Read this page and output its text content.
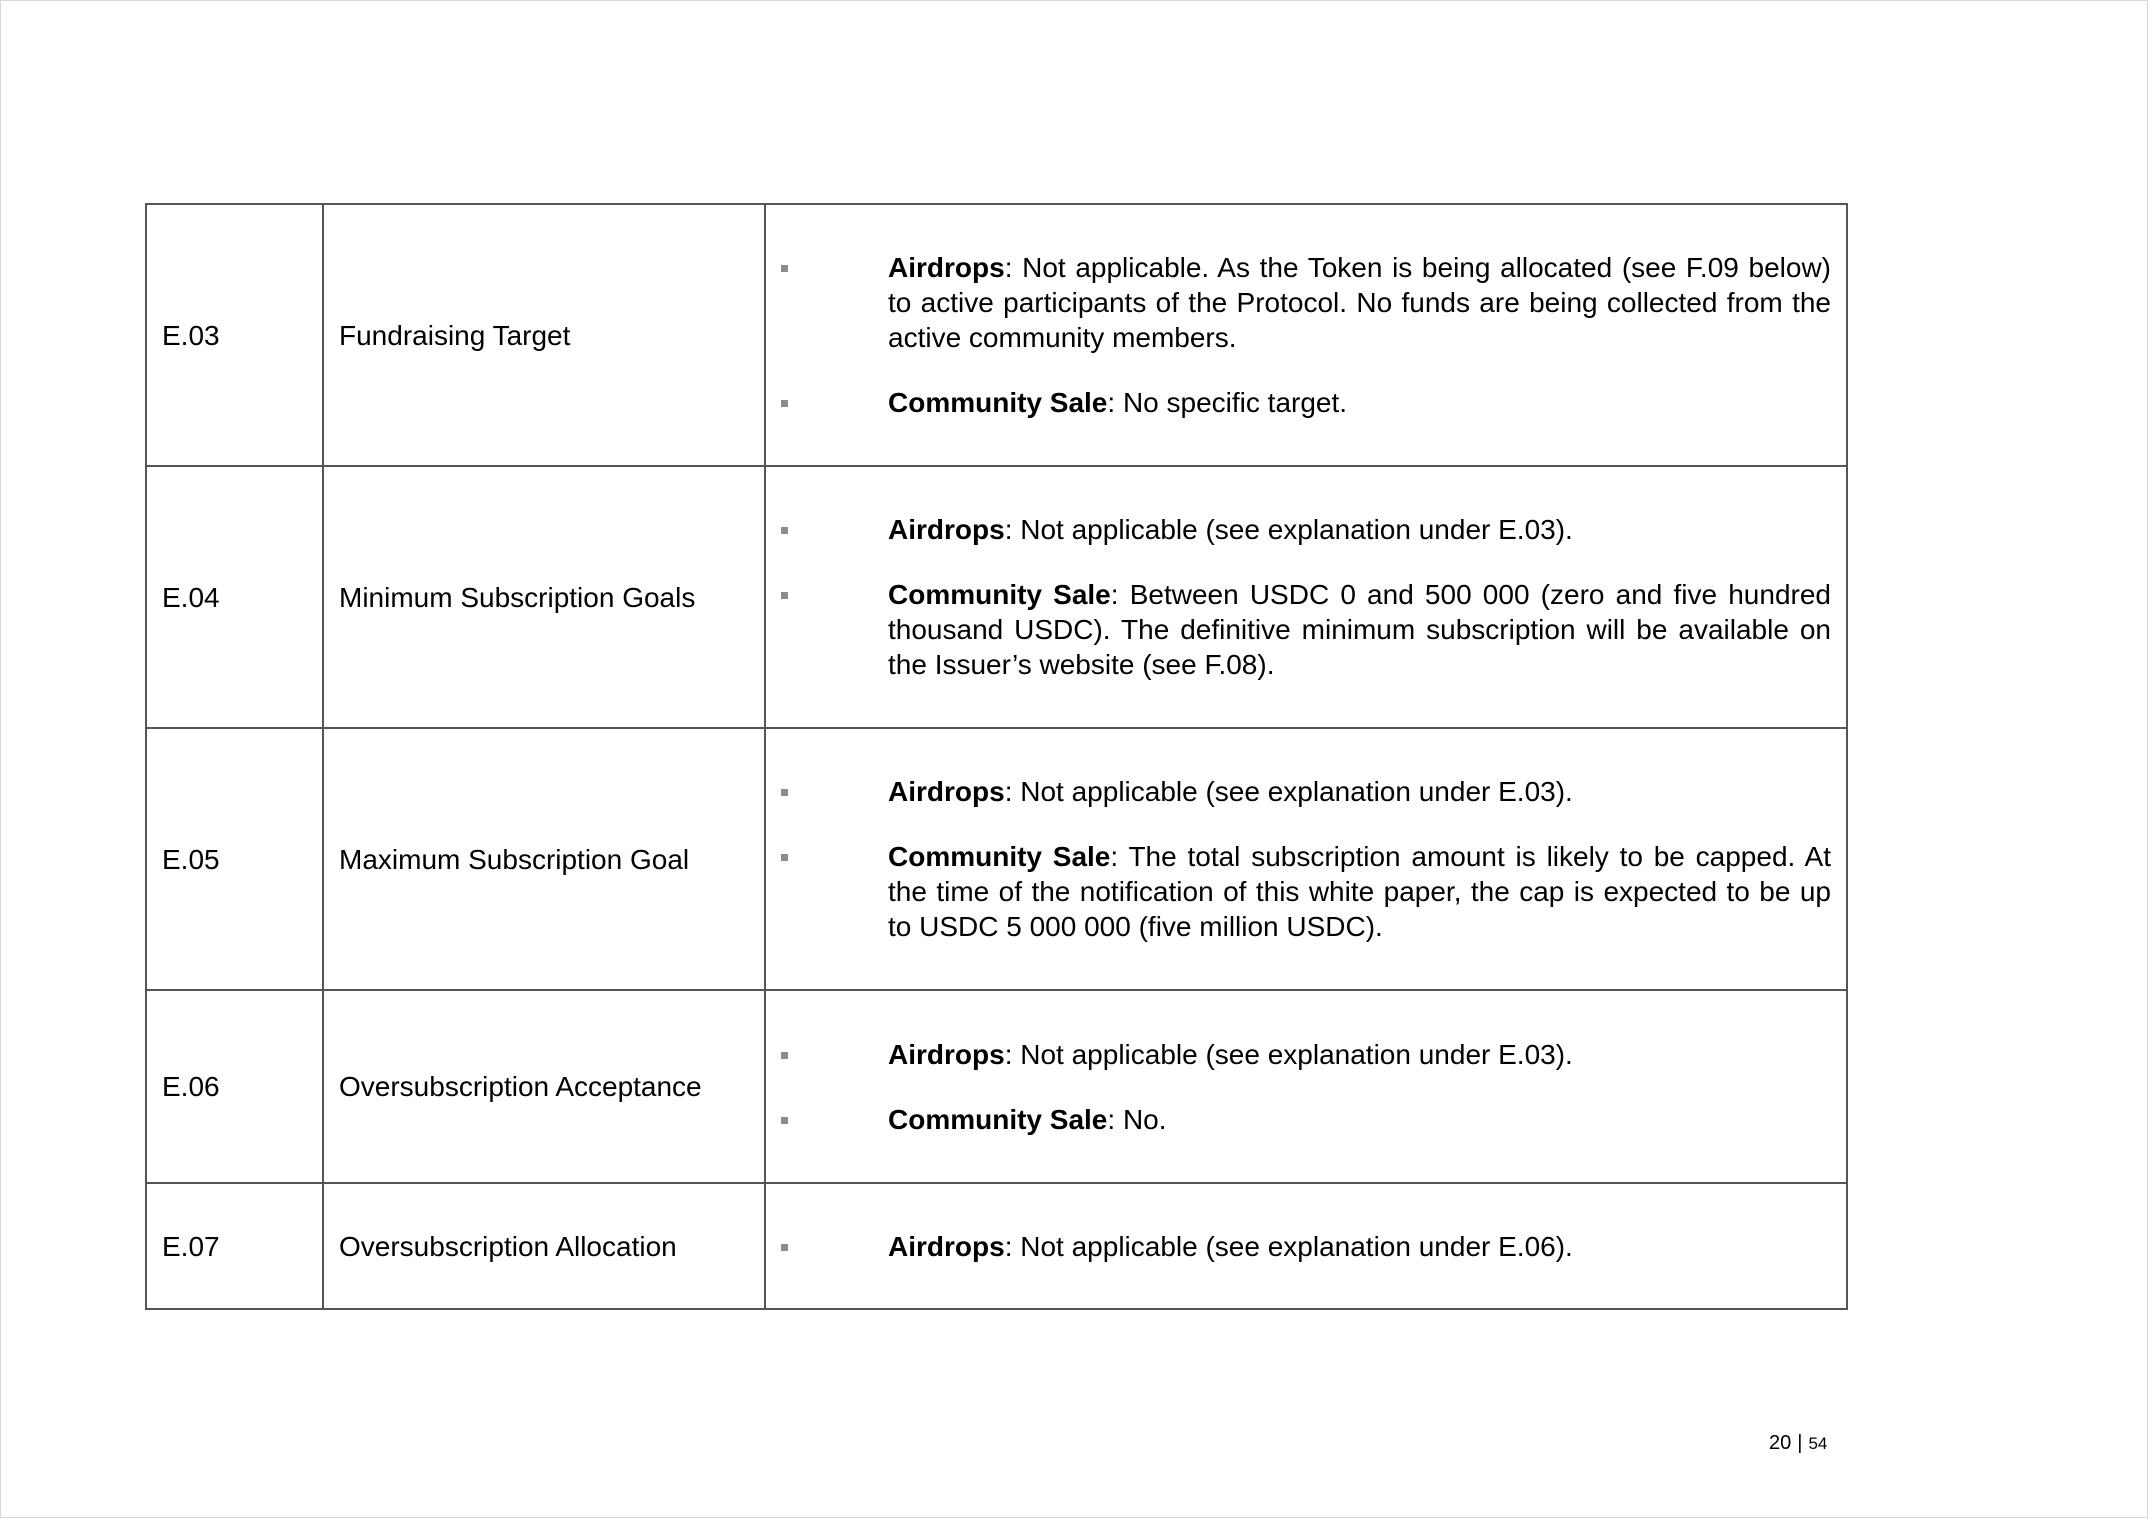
E.03	Fundraising Target	Airdrops: Not applicable. As the Token is being allocated (see F.09 below) to active participants of the Protocol. No funds are being collected from the active community members.
Community Sale: No specific target.

E.04	Minimum Subscription Goals	Airdrops: Not applicable (see explanation under E.03).
Community Sale: Between USDC 0 and 500 000 (zero and five hundred thousand USDC). The definitive minimum subscription will be available on the Issuer’s website (see F.08).

E.05	Maximum Subscription Goal	Airdrops: Not applicable (see explanation under E.03).
Community Sale: The total subscription amount is likely to be capped. At the time of the notification of this white paper, the cap is expected to be up to USDC 5 000 000 (five million USDC).

E.06	Oversubscription Acceptance	Airdrops: Not applicable (see explanation under E.03).
Community Sale: No.

E.07	Oversubscription Allocation	Airdrops: Not applicable (see explanation under E.06).
20 | 54
